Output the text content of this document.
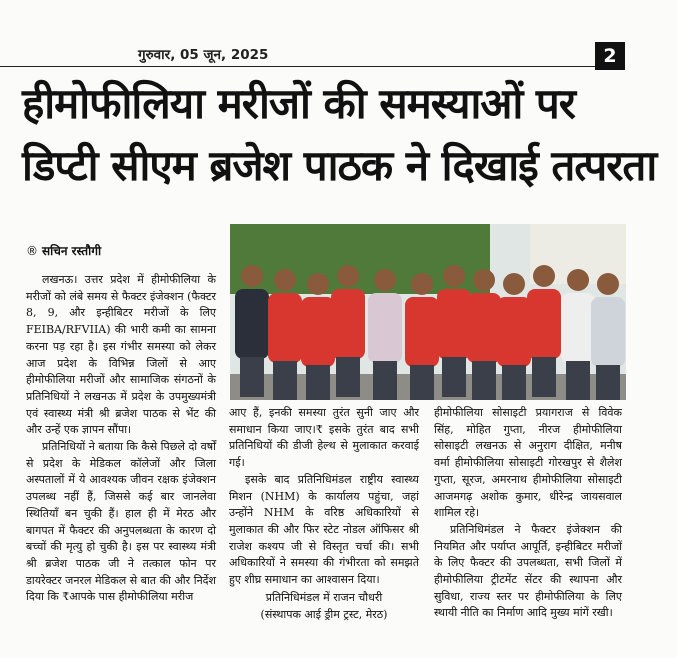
गुरुवार, 05 जून, 2025	2
हीमोफीलिया मरीजों की समस्याओं पर
डिप्टी सीएम ब्रजेश पाठक ने दिखाई तत्परता
® सचिन रस्तौगी

लखनऊ। उत्तर प्रदेश में हीमोफीलिया के मरीजों को लंबे समय से फैक्टर इंजेक्शन (फैक्टर 8, 9, और इन्हीबिटर मरीजों के लिए FEIBA/RFVIIA) की भारी कमी का सामना करना पड़ रहा है। इस गंभीर समस्या को लेकर आज प्रदेश के विभिन्न जिलों से आए हीमोफीलिया मरीजों और सामाजिक संगठनों के प्रतिनिधियों ने लखनऊ में प्रदेश के उपमुख्यमंत्री एवं स्वास्थ्य मंत्री श्री ब्रजेश पाठक से भेंट की और उन्हें एक ज्ञापन सौंपा।

प्रतिनिधियों ने बताया कि कैसे पिछले दो वर्षों से प्रदेश के मेडिकल कॉलेजों और जिला अस्पतालों में ये आवश्यक जीवन रक्षक इंजेक्शन उपलब्ध नहीं हैं, जिससे कई बार जानलेवा स्थितियाँ बन चुकी हैं। हाल ही में मेरठ और बागपत में फैक्टर की अनुपलब्धता के कारण दो बच्चों की मृत्यु हो चुकी है। इस पर स्वास्थ्य मंत्री श्री ब्रजेश पाठक जी ने तत्काल फोन पर डायरेक्टर जनरल मेडिकल से बात की और निर्देश दिया कि ₹आपके पास हीमोफीलिया मरीज

आए हैं, इनकी समस्या तुरंत सुनी जाए और समाधान किया जाए।₹ इसके तुरंत बाद सभी प्रतिनिधियों की डीजी हेल्थ से मुलाकात करवाई गई।

इसके बाद प्रतिनिधिमंडल राष्ट्रीय स्वास्थ्य मिशन (NHM) के कार्यालय पहुंचा, जहां उन्होंने NHM के वरिष्ठ अधिकारियों से मुलाकात की और फिर स्टेट नोडल ऑफिसर श्री राजेश कश्यप जी से विस्तृत चर्चा की। सभी अधिकारियों ने समस्या की गंभीरता को समझते हुए शीघ्र समाधान का आश्वासन दिया।

प्रतिनिधिमंडल में राजन चौधरी

(संस्थापक आई ड्रीम ट्रस्ट, मेरठ)

हीमोफीलिया सोसाइटी प्रयागराज से विवेक सिंह, मोहित गुप्ता, नीरज हीमोफीलिया सोसाइटी लखनऊ से अनुराग दीक्षित, मनीष वर्मा हीमोफीलिया सोसाइटी गोरखपुर से शैलेश गुप्ता, सूरज, अमरनाथ हीमोफीलिया सोसाइटी आजमगढ़ अशोक कुमार, धीरेन्द्र जायसवाल शामिल रहे।

प्रतिनिधिमंडल ने फैक्टर इंजेक्शन की नियमित और पर्याप्त आपूर्ति, इन्हीबिटर मरीजों के लिए फैक्टर की उपलब्धता, सभी जिलों में हीमोफीलिया ट्रीटमेंट सेंटर की स्थापना और सुविधा, राज्य स्तर पर हीमोफीलिया के लिए स्थायी नीति का निर्माण आदि मुख्य मांगें रखी।
